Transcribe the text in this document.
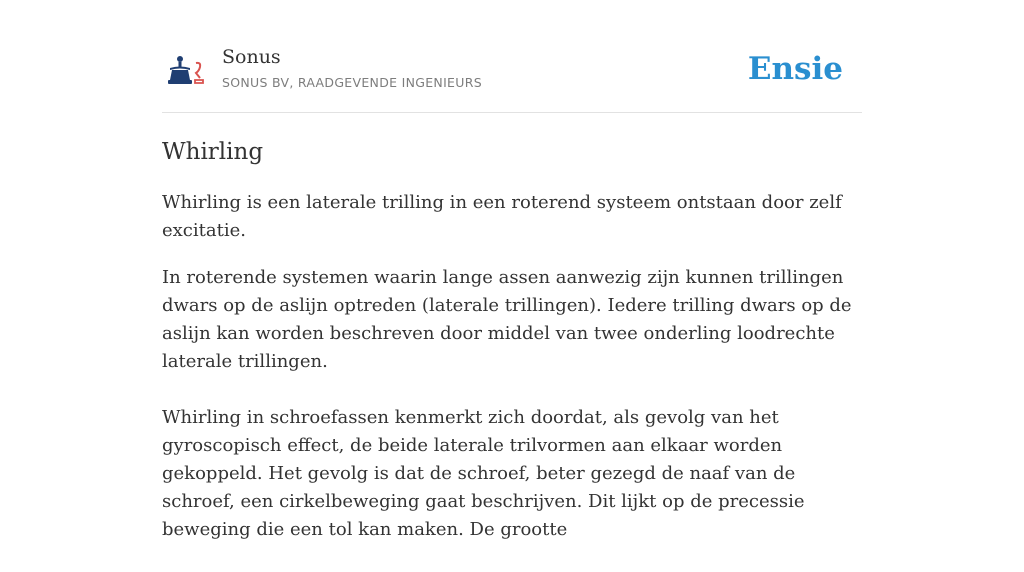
Sonus
SONUS BV, RAADGEVENDE INGENIEURS	Ensie
Whirling

Whirling is een laterale trilling in een roterend systeem ontstaan door zelf excitatie.

In roterende systemen waarin lange assen aanwezig zijn kunnen trillingen dwars op de aslijn optreden (laterale trillingen). Iedere trilling dwars op de aslijn kan worden beschreven door middel van twee onderling loodrechte laterale trillingen.

Whirling in schroefassen kenmerkt zich doordat, als gevolg van het gyroscopisch effect, de beide laterale trilvormen aan elkaar worden gekoppeld. Het gevolg is dat de schroef, beter gezegd de naaf van de schroef, een cirkelbeweging gaat beschrijven. Dit lijkt op de precessie beweging die een tol kan maken. De grootte
